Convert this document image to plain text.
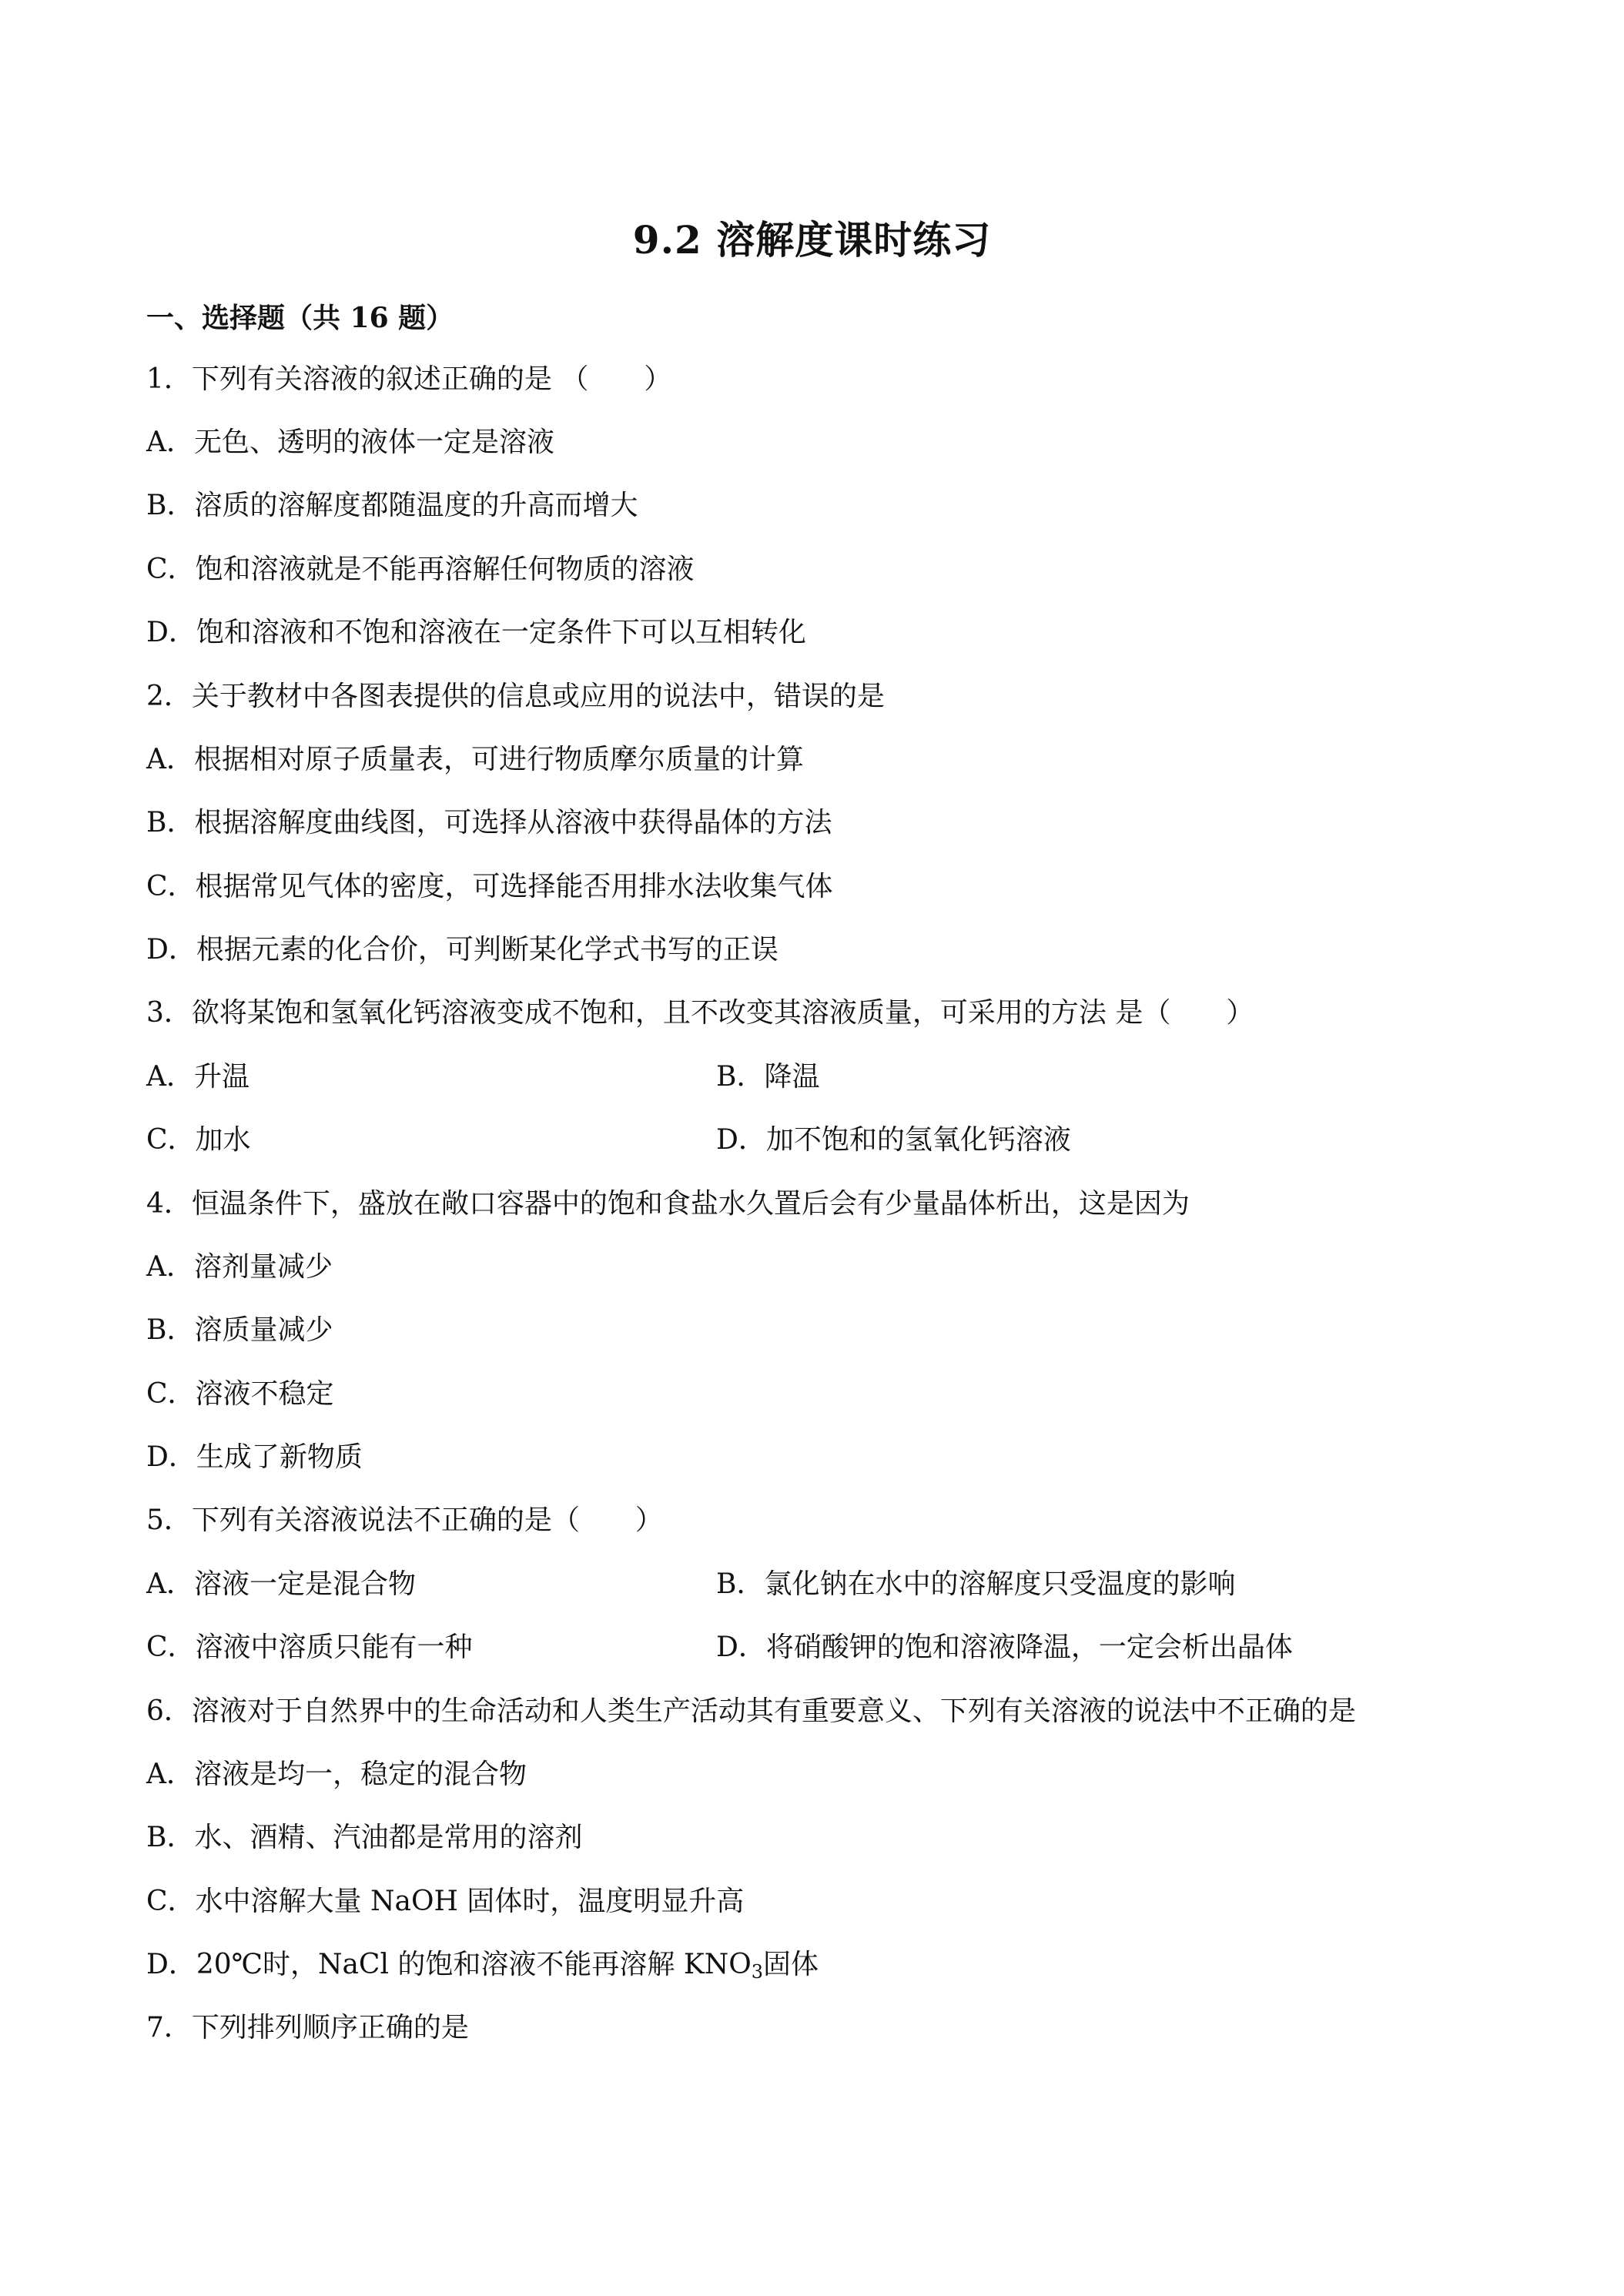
9.2 溶解度课时练习
一、选择题（共 16 题）
1．下列有关溶液的叙述正确的是 （　　）
A．无色、透明的液体一定是溶液
B．溶质的溶解度都随温度的升高而增大
C．饱和溶液就是不能再溶解任何物质的溶液
D．饱和溶液和不饱和溶液在一定条件下可以互相转化
2．关于教材中各图表提供的信息或应用的说法中，错误的是
A．根据相对原子质量表，可进行物质摩尔质量的计算
B．根据溶解度曲线图，可选择从溶液中获得晶体的方法
C．根据常见气体的密度，可选择能否用排水法收集气体
D．根据元素的化合价，可判断某化学式书写的正误
3．欲将某饱和氢氧化钙溶液变成不饱和，且不改变其溶液质量，可采用的方法 是（　　）
A．升温	B．降温
C．加水	D．加不饱和的氢氧化钙溶液
4．恒温条件下，盛放在敞口容器中的饱和食盐水久置后会有少量晶体析出，这是因为
A．溶剂量减少
B．溶质量减少
C．溶液不稳定
D．生成了新物质
5．下列有关溶液说法不正确的是（　　）
A．溶液一定是混合物	B．氯化钠在水中的溶解度只受温度的影响
C．溶液中溶质只能有一种	D．将硝酸钾的饱和溶液降温，一定会析出晶体
6．溶液对于自然界中的生命活动和人类生产活动其有重要意义、下列有关溶液的说法中不正确的是
A．溶液是均一，稳定的混合物
B．水、酒精、汽油都是常用的溶剂
C．水中溶解大量 NaOH 固体时，温度明显升高
D．20℃时，NaCl 的饱和溶液不能再溶解 $KNO_3$固体
7．下列排列顺序正确的是
